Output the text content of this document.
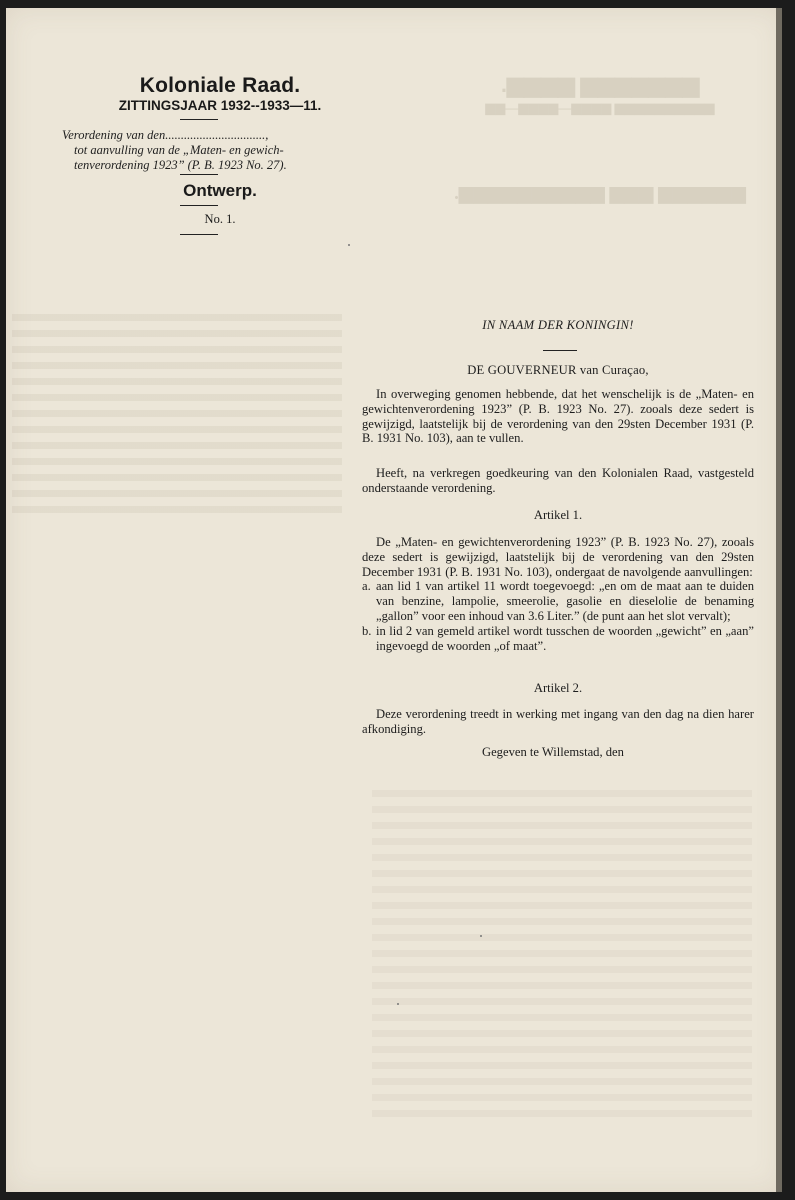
▆▆▆▆▆▆▆ ▆▆▆▆.
▆▆▆▆▆▆▆▆▆▆ ▆▆▆▆—▆▆▆▆—▆▆
▆▆▆▆▆▆ ▆▆▆ ▆▆▆▆▆▆▆▆▆▆.
Koloniale Raad.
ZITTINGSJAAR 1932--1933—11.
Verordening van den................................,
tot aanvulling van de „Maten- en gewich-
tenverordening 1923” (P. B. 1923 No. 27).
Ontwerp.
No. 1.
IN NAAM DER KONINGIN!
DE GOUVERNEUR van Curaçao,
In overweging genomen hebbende, dat het wenschelijk is de „Maten- en gewichtenverordening 1923” (P. B. 1923 No. 27). zooals deze sedert is gewijzigd, laatstelijk bij de verordening van den 29sten December 1931 (P. B. 1931 No. 103), aan te vullen.
Heeft, na verkregen goedkeuring van den Kolonialen Raad, vastgesteld onderstaande verordening.
Artikel 1.
De „Maten- en gewichtenverordening 1923” (P. B. 1923 No. 27), zooals deze sedert is gewijzigd, laatstelijk bij de verordening van den 29sten December 1931 (P. B. 1931 No. 103), ondergaat de navolgende aanvullingen:
a. aan lid 1 van artikel 11 wordt toegevoegd: „en om de maat aan te duiden van benzine, lampolie, smeerolie, gasolie en dieselolie de benaming „gallon” voor een inhoud van 3.6 Liter.” (de punt aan het slot vervalt);
b. in lid 2 van gemeld artikel wordt tusschen de woorden „gewicht” en „aan” ingevoegd de woorden „of maat”.
Artikel 2.
Deze verordening treedt in werking met ingang van den dag na dien harer afkondiging.
Gegeven te Willemstad, den
